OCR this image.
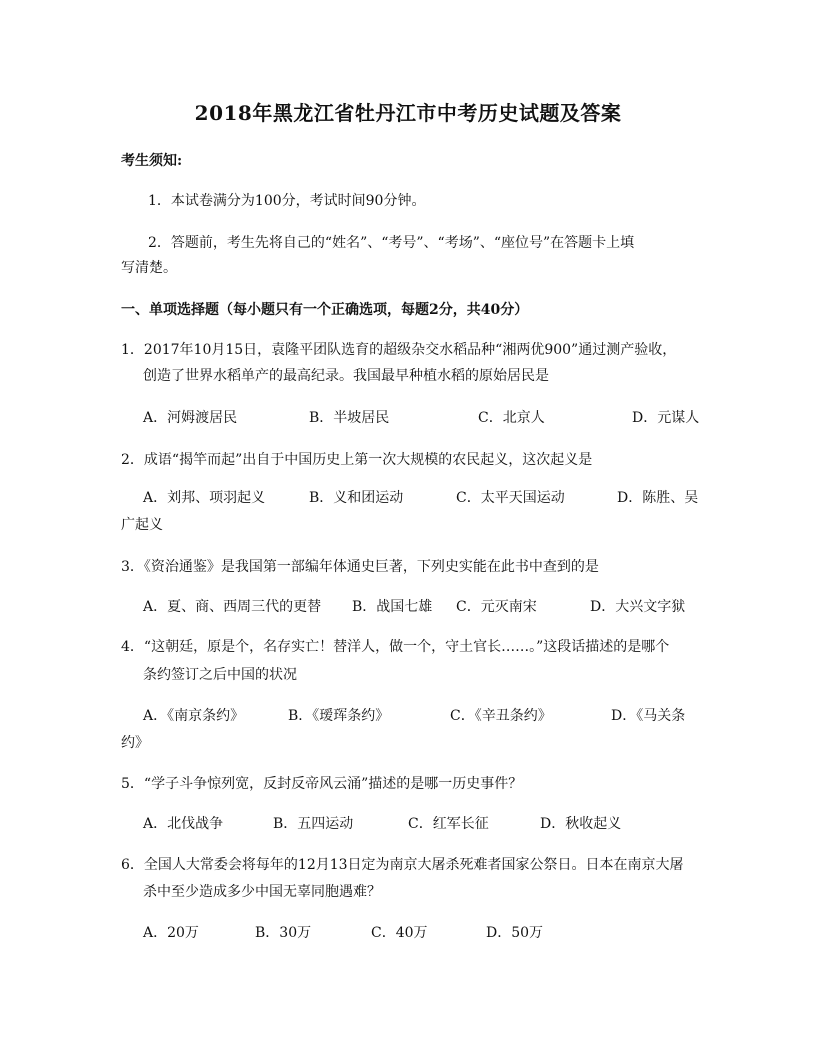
2018年黑龙江省牡丹江市中考历史试题及答案
考生须知:
1．本试卷满分为100分，考试时间90分钟。
2．答题前，考生先将自己的“姓名”、“考号”、“考场”、“座位号”在答题卡上填
写清楚。
一、单项选择题（每小题只有一个正确选项，每题2分，共40分）
1．2017年10月15日，袁隆平团队选育的超级杂交水稻品种“湘两优900”通过测产验收，
创造了世界水稻单产的最高纪录。我国最早种植水稻的原始居民是
A．河姆渡居民	B．半坡居民	C．北京人	D．元谋人
2．成语“揭竿而起”出自于中国历史上第一次大规模的农民起义，这次起义是
A．刘邦、项羽起义	B．义和团运动	C．太平天国运动	D．陈胜、吴
广起义
3．《资治通鉴》是我国第一部编年体通史巨著，下列史实能在此书中查到的是
A．夏、商、西周三代的更替 B．战国七雄 C．元灭南宋	D．大兴文字狱
4．“这朝廷，原是个，名存实亡！替洋人，做一个，守土官长……。”这段话描述的是哪个
条约签订之后中国的状况
A．《南京条约》	B．《瑷珲条约》	C．《辛丑条约》	D．《马关条
约》
5．“学子斗争惊列宽，反封反帝风云涌”描述的是哪一历史事件？
A．北伐战争	B．五四运动	C．红军长征	D．秋收起义
6．全国人大常委会将每年的12月13日定为南京大屠杀死难者国家公祭日。日本在南京大屠
杀中至少造成多少中国无辜同胞遇难？
A．20万	B．30万	C．40万	D．50万
